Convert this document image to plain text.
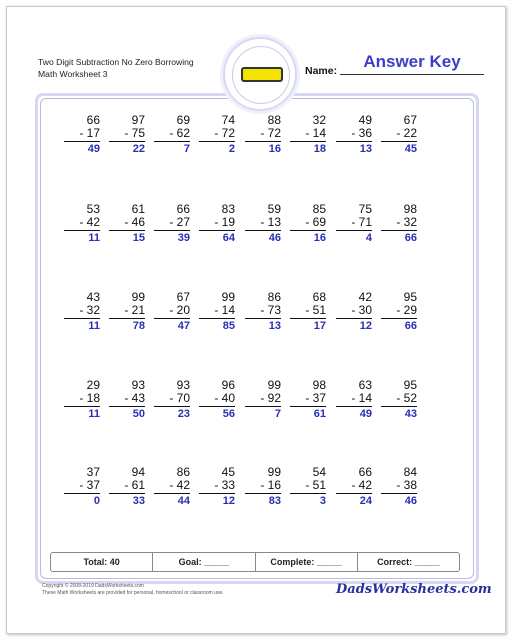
Two Digit Subtraction No Zero Borrowing
Math Worksheet 3	Name:	Answer Key
66
- 17
49
97
- 75
22
69
- 62
7
74
- 72
2
88
- 72
16
32
- 14
18
49
- 36
13
67
- 22
45
53
- 42
11
61
- 46
15
66
- 27
39
83
- 19
64
59
- 13
46
85
- 69
16
75
- 71
4
98
- 32
66
43
- 32
11
99
- 21
78
67
- 20
47
99
- 14
85
86
- 73
13
68
- 51
17
42
- 30
12
95
- 29
66
29
- 18
11
93
- 43
50
93
- 70
23
96
- 40
56
99
- 92
7
98
- 37
61
63
- 14
49
95
- 52
43
37
- 37
0
94
- 61
33
86
- 42
44
45
- 33
12
99
- 16
83
54
- 51
3
66
- 42
24
84
- 38
46
Total: 40	Goal: _____	Complete: _____	Correct: _____
Copyright © 2008-2019 DadsWorksheets.com
These Math Worksheets are provided for personal, homeschool or classroom use.	DadsWorksheets.com
